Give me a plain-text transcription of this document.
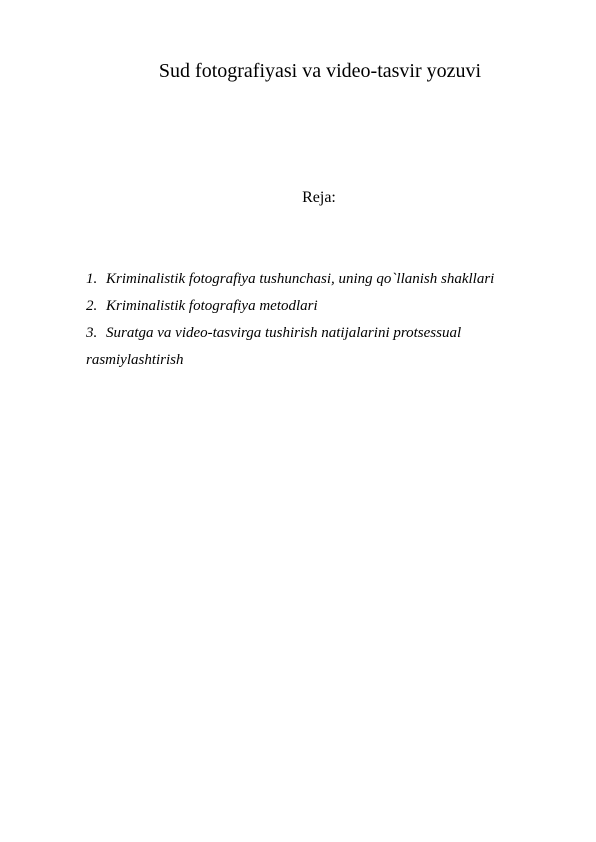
Sud fotografiyasi va video-tasvir yozuvi
Reja:
1. Kriminalistik fotografiya tushunchasi, uning qo`llanish shakllari
2. Kriminalistik fotografiya metodlari
3. Suratga va video-tasvirga tushirish natijalarini protsessual
rasmiylashtirish
